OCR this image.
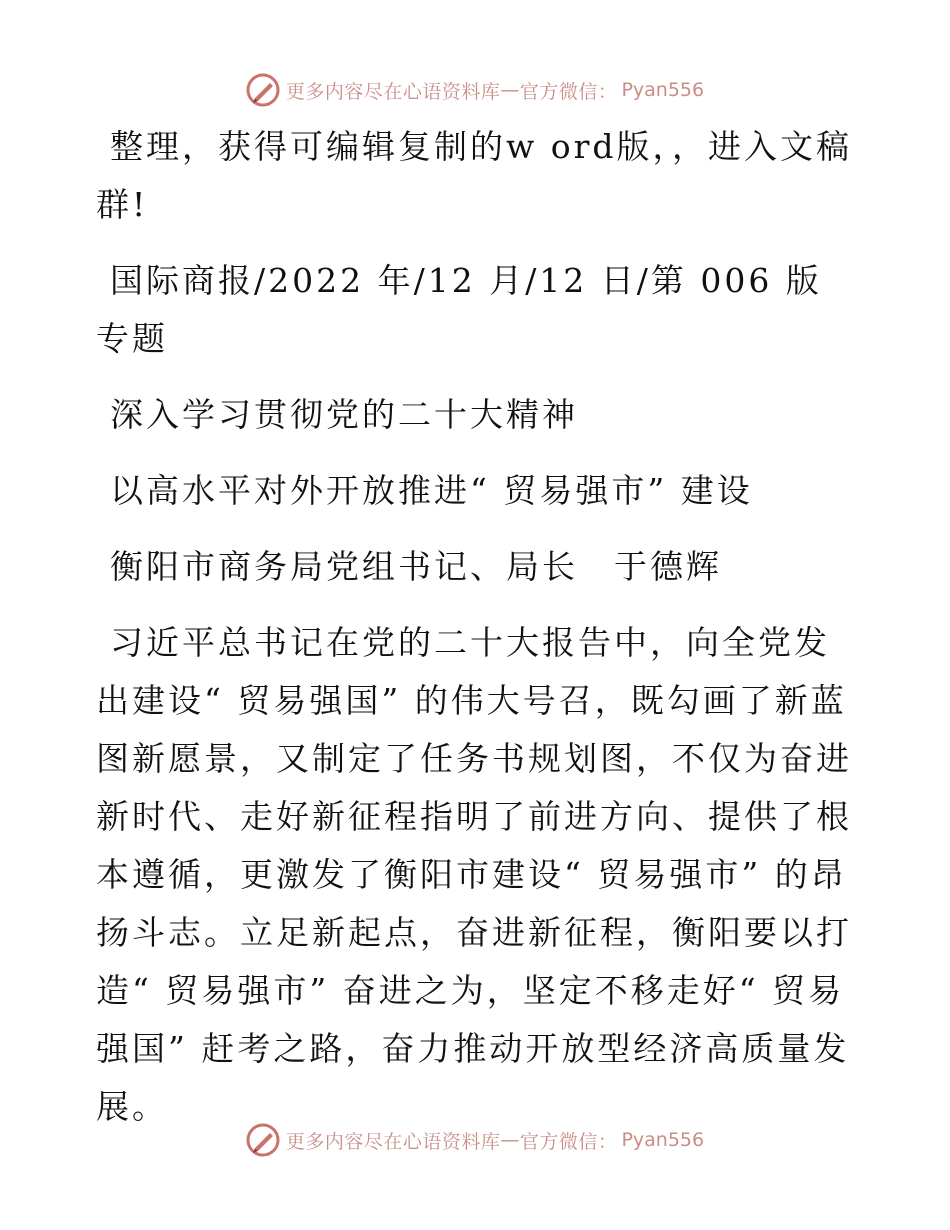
更多内容尽在心语资料库 — 官方微信： Pyan556

整理，获得可编辑复制的w ord版，，进入文稿群!

国际商报/2022 年/12 月/12 日/第 006 版专题

深入学习贯彻党的二十大精神

以高水平对外开放推进“ 贸易强市” 建设

衡阳市商务局党组书记、局长　于德辉

习近平总书记在党的二十大报告中，向全党发出建设“ 贸易强国” 的伟大号召，既勾画了新蓝图新愿景，又制定了任务书规划图，不仅为奋进新时代、走好新征程指明了前进方向、提供了根本遵循，更激发了衡阳市建设“ 贸易强市” 的昂扬斗志。立足新起点，奋进新征程，衡阳要以打造“ 贸易强市” 奋进之为，坚定不移走好“ 贸易强国” 赶考之路，奋力推动开放型经济高质量发展。

更多内容尽在心语资料库 — 官方微信： Pyan556
